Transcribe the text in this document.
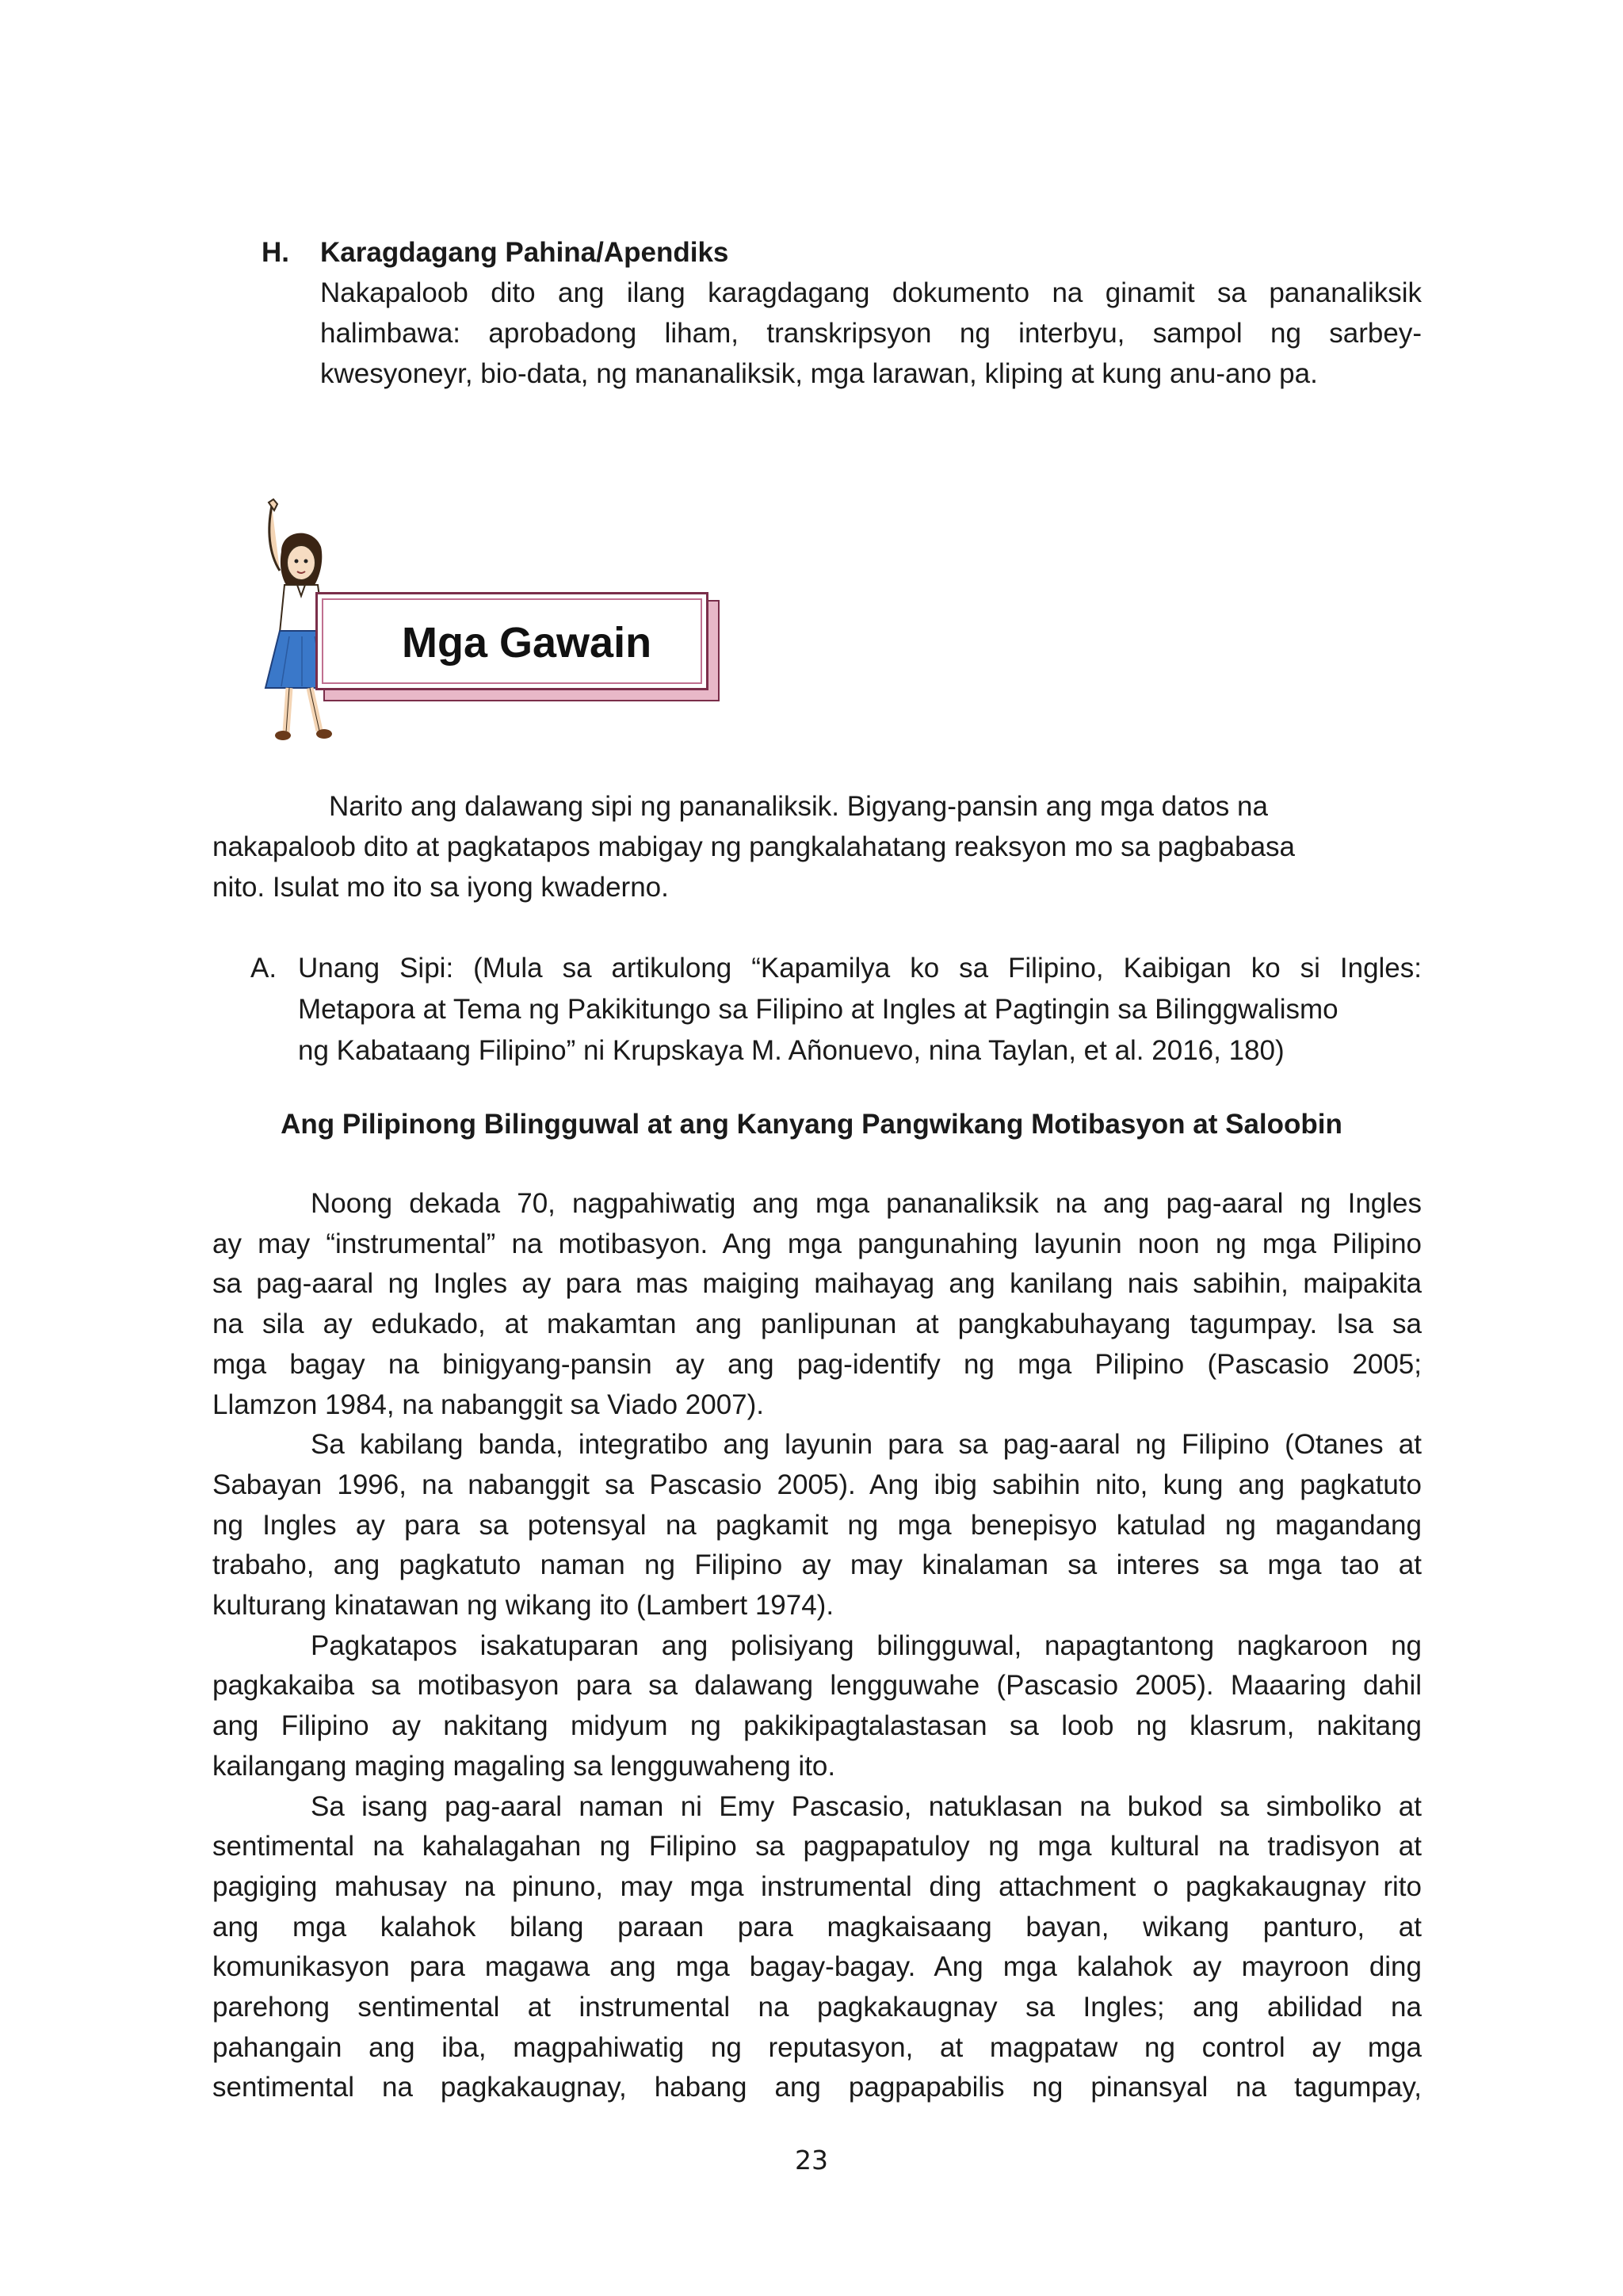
H. Karagdagang Pahina/Apendiks
Nakapaloob dito ang ilang karagdagang dokumento na ginamit sa pananaliksik
halimbawa: aprobadong liham, transkripsyon ng interbyu, sampol ng sarbey-
kwesyoneyr, bio-data, ng mananaliksik, mga larawan, kliping at kung anu-ano pa.
Mga Gawain
Narito ang dalawang sipi ng pananaliksik. Bigyang-pansin ang mga datos na
nakapaloob dito at pagkatapos mabigay ng pangkalahatang reaksyon mo sa pagbabasa
nito. Isulat mo ito sa iyong kwaderno.
A. Unang Sipi: (Mula sa artikulong “Kapamilya ko sa Filipino, Kaibigan ko si Ingles:
Metapora at Tema ng Pakikitungo sa Filipino at Ingles at Pagtingin sa Bilinggwalismo
ng Kabataang Filipino” ni Krupskaya M. Añonuevo, nina Taylan, et al. 2016, 180)
Ang Pilipinong Bilingguwal at ang Kanyang Pangwikang Motibasyon at Saloobin
Noong dekada 70, nagpahiwatig ang mga pananaliksik na ang pag-aaral ng Ingles
ay may “instrumental” na motibasyon. Ang mga pangunahing layunin noon ng mga Pilipino
sa pag-aaral ng Ingles ay para mas maiging maihayag ang kanilang nais sabihin, maipakita
na sila ay edukado, at makamtan ang panlipunan at pangkabuhayang tagumpay. Isa sa
mga bagay na binigyang-pansin ay ang pag-identify ng mga Pilipino (Pascasio 2005;
Llamzon 1984, na nabanggit sa Viado 2007).
Sa kabilang banda, integratibo ang layunin para sa pag-aaral ng Filipino (Otanes at
Sabayan 1996, na nabanggit sa Pascasio 2005). Ang ibig sabihin nito, kung ang pagkatuto
ng Ingles ay para sa potensyal na pagkamit ng mga benepisyo katulad ng magandang
trabaho, ang pagkatuto naman ng Filipino ay may kinalaman sa interes sa mga tao at
kulturang kinatawan ng wikang ito (Lambert 1974).
Pagkatapos isakatuparan ang polisiyang bilingguwal, napagtantong nagkaroon ng
pagkakaiba sa motibasyon para sa dalawang lengguwahe (Pascasio 2005). Maaaring dahil
ang Filipino ay nakitang midyum ng pakikipagtalastasan sa loob ng klasrum, nakitang
kailangang maging magaling sa lengguwaheng ito.
Sa isang pag-aaral naman ni Emy Pascasio, natuklasan na bukod sa simboliko at
sentimental na kahalagahan ng Filipino sa pagpapatuloy ng mga kultural na tradisyon at
pagiging mahusay na pinuno, may mga instrumental ding attachment o pagkakaugnay rito
ang mga kalahok bilang paraan para magkaisaang bayan, wikang panturo, at
komunikasyon para magawa ang mga bagay-bagay. Ang mga kalahok ay mayroon ding
parehong sentimental at instrumental na pagkakaugnay sa Ingles; ang abilidad na
pahangain ang iba, magpahiwatig ng reputasyon, at magpataw ng control ay mga
sentimental na pagkakaugnay, habang ang pagpapabilis ng pinansyal na tagumpay,
23
